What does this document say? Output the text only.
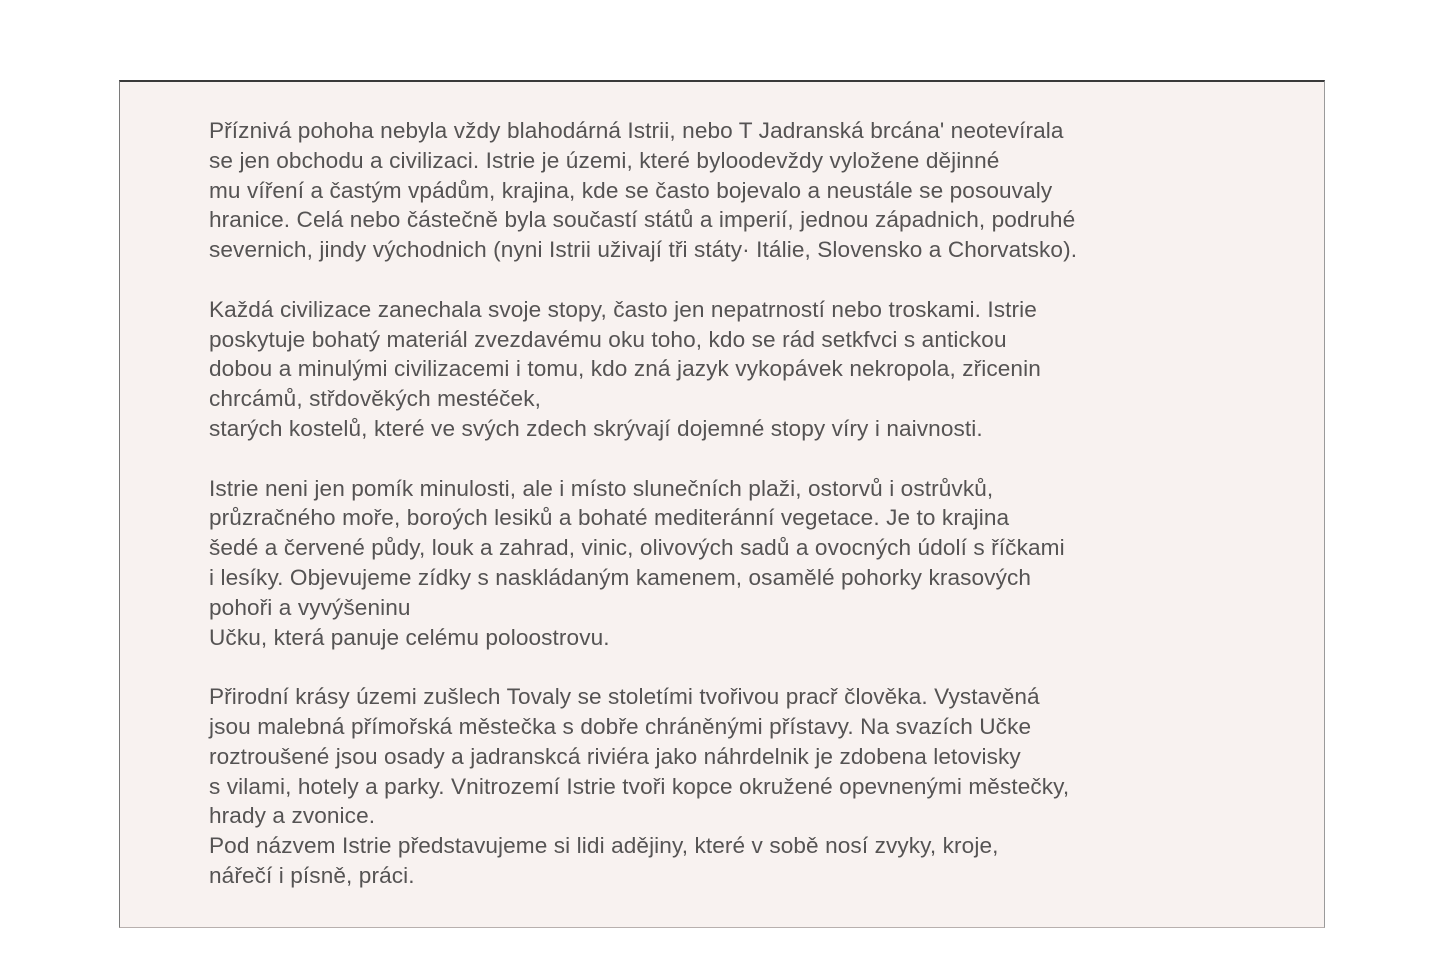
Příznivá pohoha nebyla vždy blahodárná Istrii, nebo T Jadranská brcána' neotevírala
se jen obchodu a civilizaci. Istrie je územi, které byloodevždy vyložene dějinné
mu víření a častým vpádům, krajina, kde se často bojevalo a neustále se posouvaly
hranice. Celá nebo částečně byla součastí států a imperií, jednou západnich, podruhé
severnich, jindy východnich (nyni Istrii uživají tři státy· Itálie, Slovensko a Chorvatsko).
Každá civilizace zanechala svoje stopy, často jen nepatrností nebo troskami. Istrie
poskytuje bohatý materiál zvezdavému oku toho, kdo se rád setkfvci s antickou
dobou a minulými civilizacemi i tomu, kdo zná jazyk vykopávek nekropola, zřicenin
chrcámů, střdověkých mestéček,
starých kostelů, které ve svých zdech skrývají dojemné stopy víry i naivnosti.
Istrie neni jen pomík minulosti, ale i místo slunečních plaži, ostorvů i ostrůvků,
průzračného moře, boroých lesiků a bohaté mediteránní vegetace. Je to krajina
šedé a červené půdy, louk a zahrad, vinic, olivových sadů a ovocných údolí s říčkami
i lesíky. Objevujeme zídky s naskládaným kamenem, osamělé pohorky krasových
pohoři a vyvýšeninu
Učku, která panuje celému poloostrovu.
Přirodní krásy územi zušlech Tovaly se stoletími tvořivou pracř člověka. Vystavěná
jsou malebná přímořská městečka s dobře chráněnými přístavy. Na svazích Učke
roztroušené jsou osady a jadranskcá riviéra jako náhrdelnik je zdobena letovisky
s vilami, hotely a parky. Vnitrozemí Istrie tvoři kopce okružené opevnenými městečky,
hrady a zvonice.
Pod názvem Istrie představujeme si lidi adějiny, které v sobě nosí zvyky, kroje,
nářečí i písně, práci.
